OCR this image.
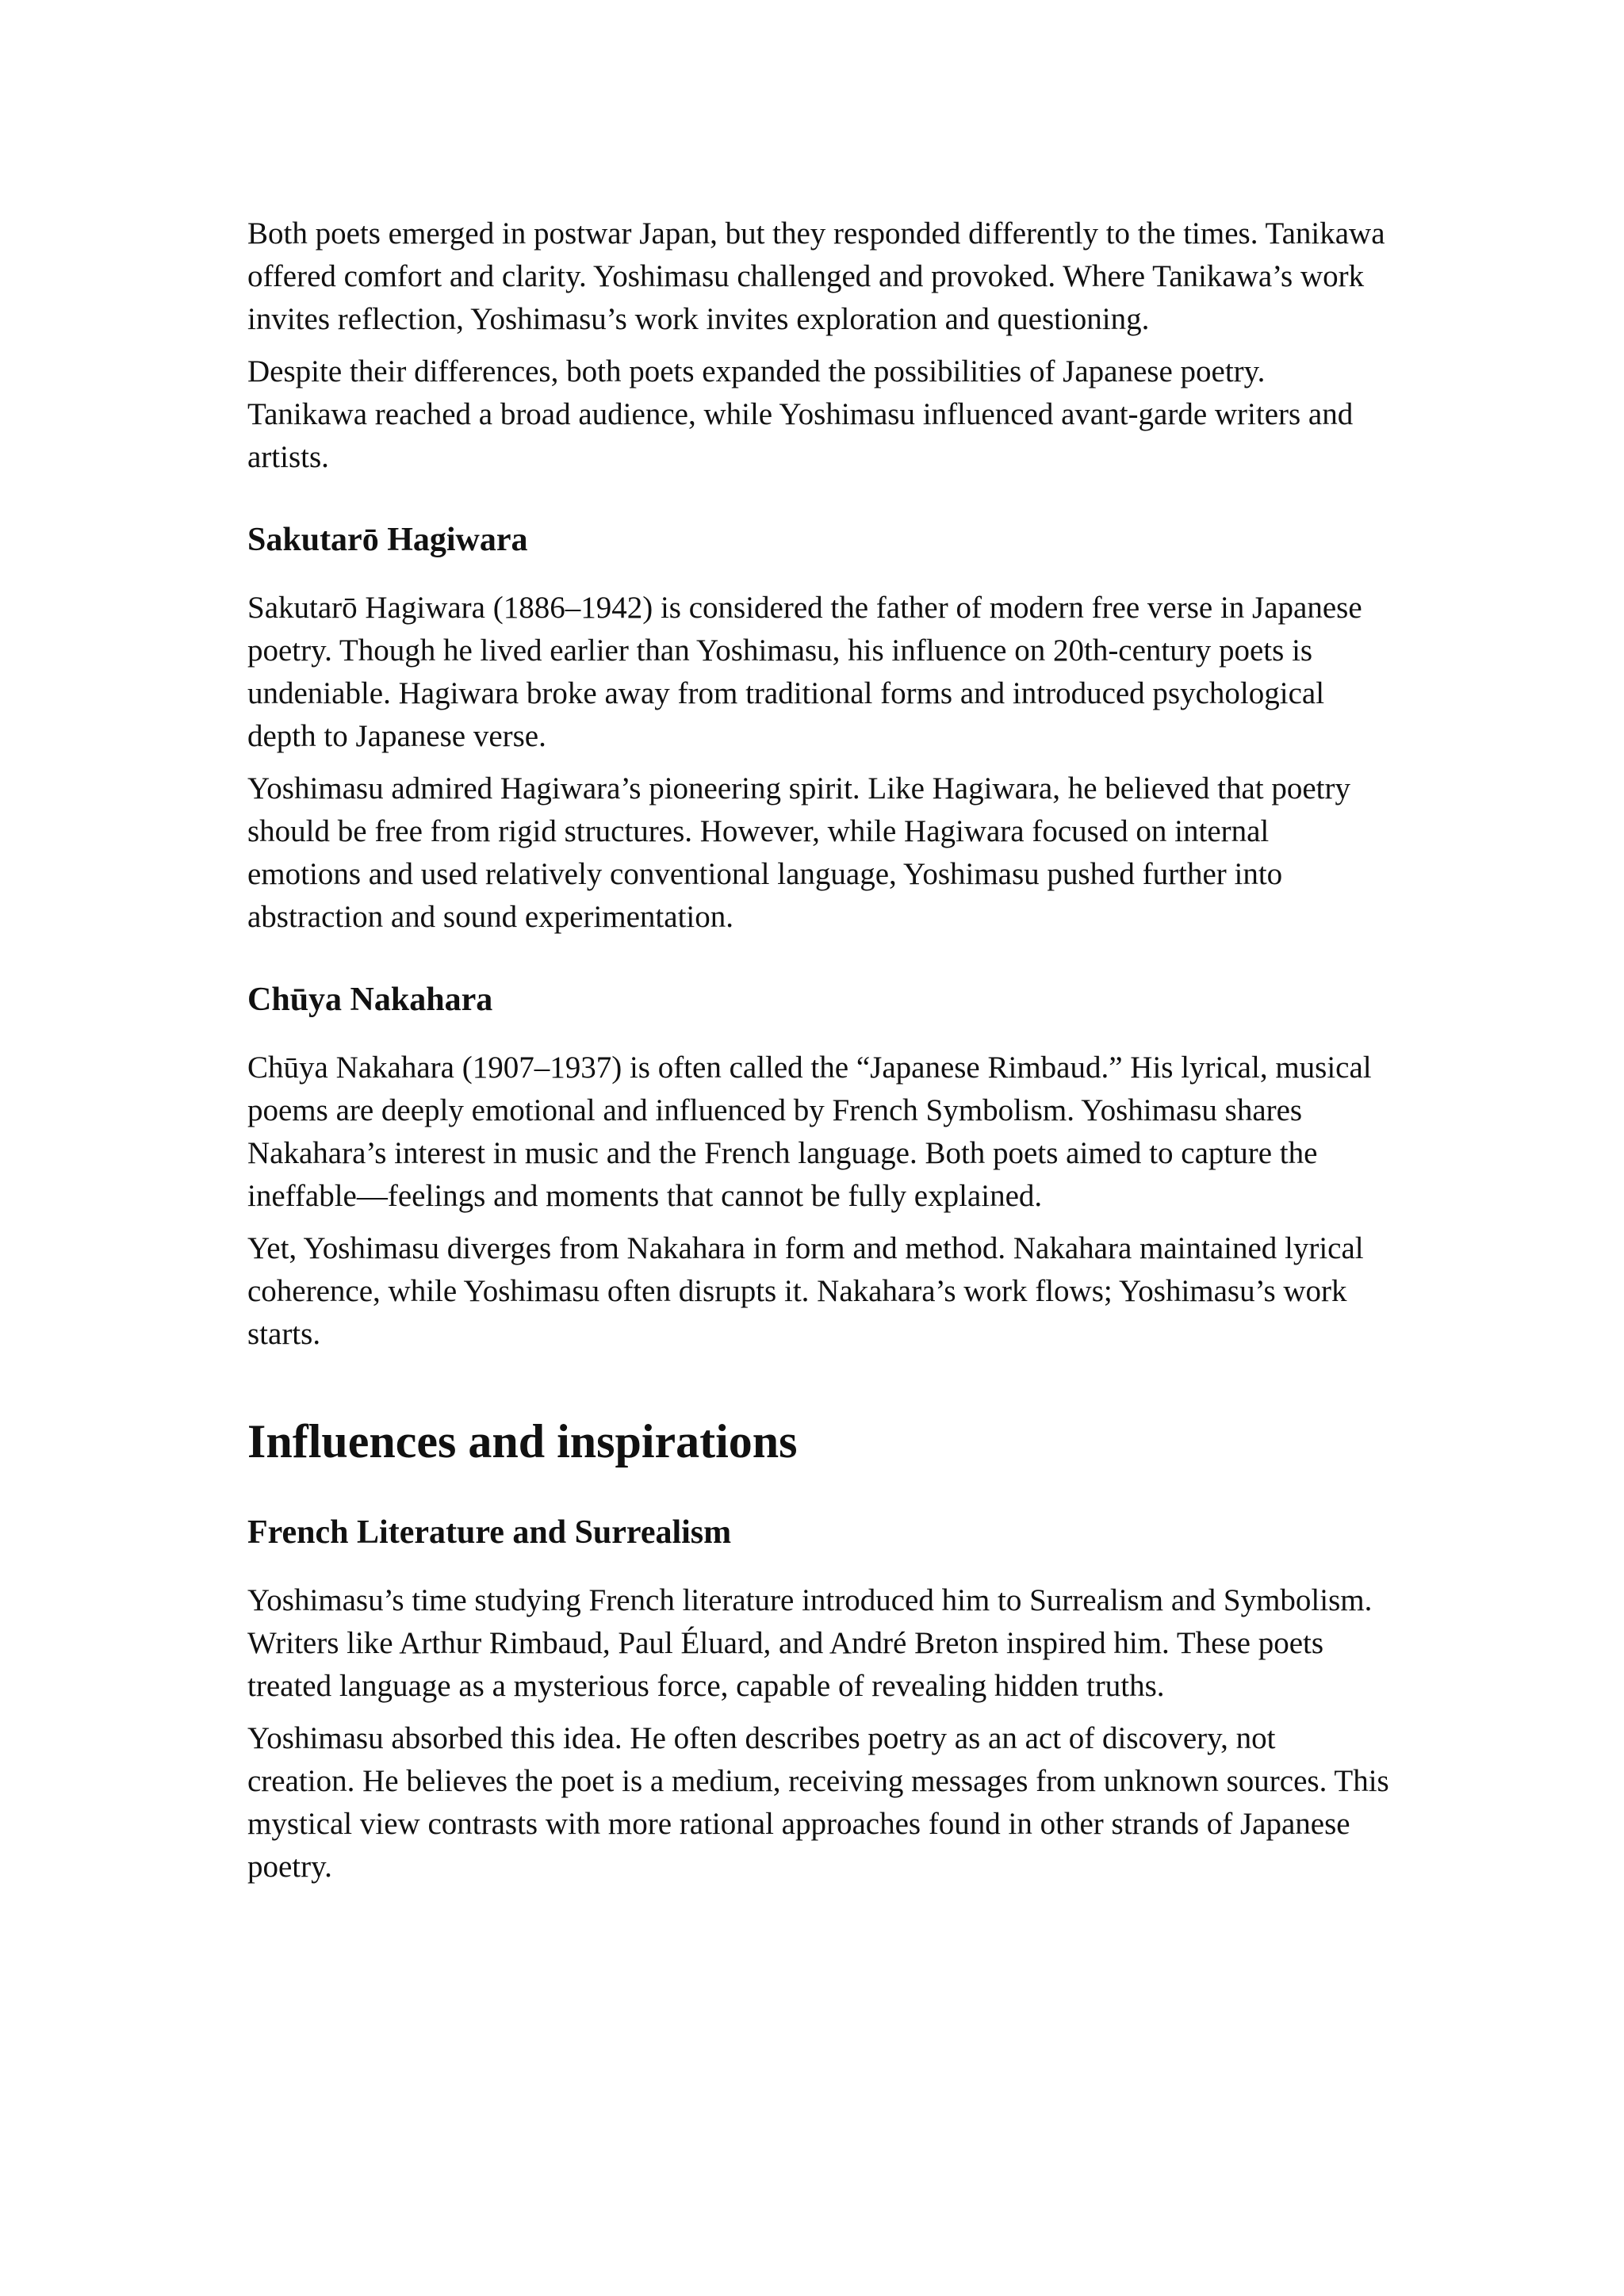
Both poets emerged in postwar Japan, but they responded differently to the times. Tanikawa offered comfort and clarity. Yoshimasu challenged and provoked. Where Tanikawa’s work invites reflection, Yoshimasu’s work invites exploration and questioning.

Despite their differences, both poets expanded the possibilities of Japanese poetry. Tanikawa reached a broad audience, while Yoshimasu influenced avant-garde writers and artists.

Sakutarō Hagiwara

Sakutarō Hagiwara (1886–1942) is considered the father of modern free verse in Japanese poetry. Though he lived earlier than Yoshimasu, his influence on 20th-century poets is undeniable. Hagiwara broke away from traditional forms and introduced psychological depth to Japanese verse.

Yoshimasu admired Hagiwara’s pioneering spirit. Like Hagiwara, he believed that poetry should be free from rigid structures. However, while Hagiwara focused on internal emotions and used relatively conventional language, Yoshimasu pushed further into abstraction and sound experimentation.

Chūya Nakahara

Chūya Nakahara (1907–1937) is often called the “Japanese Rimbaud.” His lyrical, musical poems are deeply emotional and influenced by French Symbolism. Yoshimasu shares Nakahara’s interest in music and the French language. Both poets aimed to capture the ineffable—feelings and moments that cannot be fully explained.

Yet, Yoshimasu diverges from Nakahara in form and method. Nakahara maintained lyrical coherence, while Yoshimasu often disrupts it. Nakahara’s work flows; Yoshimasu’s work starts.

Influences and inspirations
French Literature and Surrealism

Yoshimasu’s time studying French literature introduced him to Surrealism and Symbolism. Writers like Arthur Rimbaud, Paul Éluard, and André Breton inspired him. These poets treated language as a mysterious force, capable of revealing hidden truths.

Yoshimasu absorbed this idea. He often describes poetry as an act of discovery, not creation. He believes the poet is a medium, receiving messages from unknown sources. This mystical view contrasts with more rational approaches found in other strands of Japanese poetry.
